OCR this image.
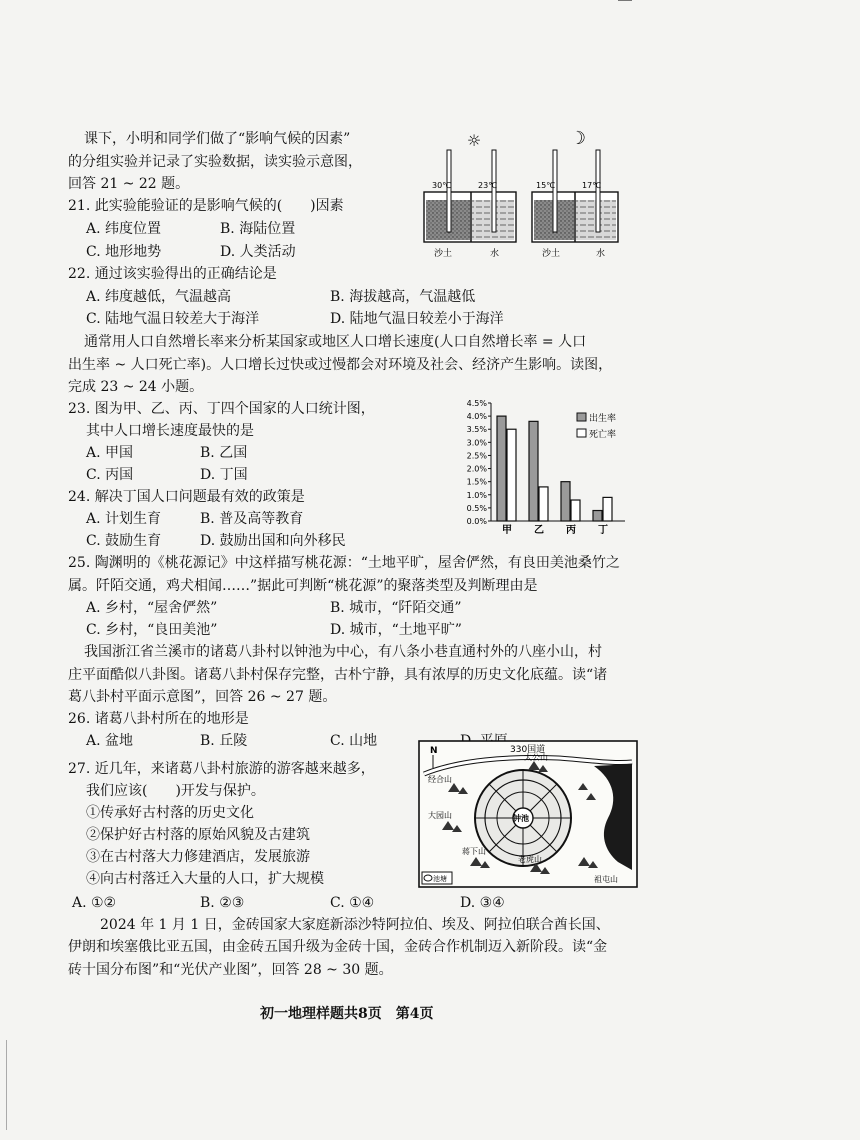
课下，小明和同学们做了“影响气候的因素”
的分组实验并记录了实验数据，读实验示意图，
回答 21 ~ 22 题。
21. 此实验能验证的是影响气候的(　　)因素
A. 纬度位置	B. 海陆位置
C. 地形地势	D. 人类活动
22. 通过该实验得出的正确结论是
A. 纬度越低，气温越高	B. 海拔越高，气温越低
C. 陆地气温日较差大于海洋	D. 陆地气温日较差小于海洋
☼	☽
30℃	23℃
沙土	水
15℃	17℃
沙土	水
通常用人口自然增长率来分析某国家或地区人口增长速度(人口自然增长率 = 人口
出生率 ~ 人口死亡率)。人口增长过快或过慢都会对环境及社会、经济产生影响。读图，
完成 23 ~ 24 小题。
23. 图为甲、乙、丙、丁四个国家的人口统计图，
其中人口增长速度最快的是
A. 甲国	B. 乙国
C. 丙国	D. 丁国
24. 解决丁国人口问题最有效的政策是
A. 计划生育	B. 普及高等教育
C. 鼓励生育	D. 鼓励出国和向外移民
0.0%
0.5%
1.0%
1.5%
2.0%
2.5%
3.0%
3.5%
4.0%
4.5%
甲 乙 丙 丁
出生率
死亡率
25. 陶渊明的《桃花源记》中这样描写桃花源：“土地平旷，屋舍俨然，有良田美池桑竹之
属。阡陌交通，鸡犬相闻……”据此可判断“桃花源”的聚落类型及判断理由是
A. 乡村，“屋舍俨然”	B. 城市，“阡陌交通”
C. 乡村，“良田美池”	D. 城市，“土地平旷”
我国浙江省兰溪市的诸葛八卦村以钟池为中心，有八条小巷直通村外的八座小山，村
庄平面酷似八卦图。诸葛八卦村保存完整，古朴宁静，具有浓厚的历史文化底蕴。读“诸
葛八卦村平面示意图”，回答 26 ~ 27 题。
26. 诸葛八卦村所在的地形是
A. 盆地	B. 丘陵	C. 山地
27. 近几年，来诸葛八卦村旅游的游客越来越多，
我们应该(　　)开发与保护。
①传承好古村落的历史文化
②保护好古村落的原始风貌及古建筑
③在古村落大力修建酒店，发展旅游
④向古村落迁入大量的人口，扩大规模
A. ①②	B. ②③	C. ①④	D. ③④
N	330国道
钟池
太公山
经合山
大园山
蒋下山
老虎山
祖屯山
池塘
2024 年 1 月 1 日，金砖国家大家庭新添沙特阿拉伯、埃及、阿拉伯联合酋长国、
伊朗和埃塞俄比亚五国，由金砖五国升级为金砖十国，金砖合作机制迈入新阶段。读“金
砖十国分布图”和“光伏产业图”，回答 28 ~ 30 题。
初一地理样题共8页　第4页
